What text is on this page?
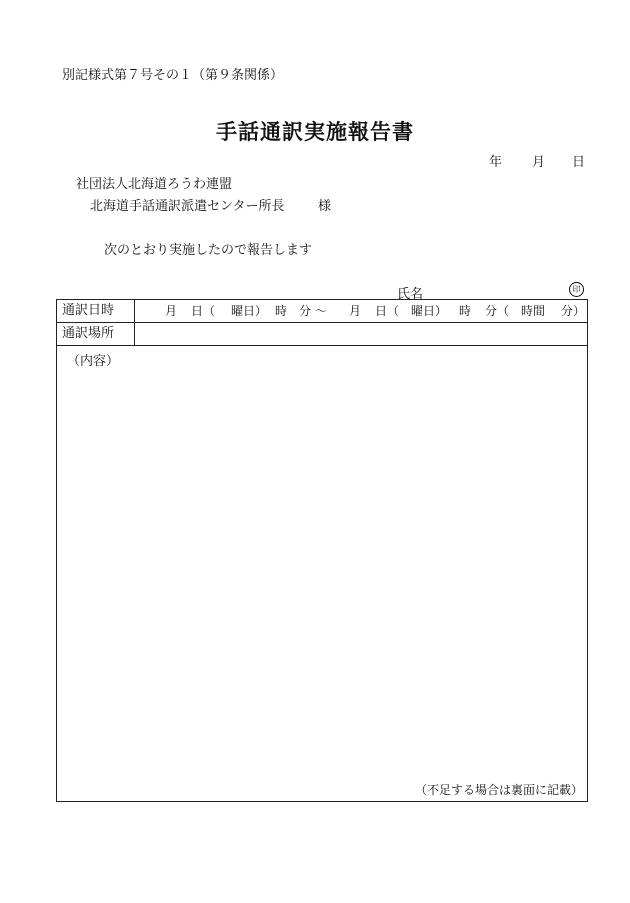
別記様式第７号その１（第９条関係）
手話通訳実施報告書
年 月 日
社団法人北海道ろうわ連盟
北海道手話通訳派遣センター所長	様
次のとおり実施したので報告します
氏名	印
通訳日時	月 日（ 曜日） 時 分 〜 月 日（ 曜日） 時 分（ 時間 分）
通訳場所
（内容）
（不足する場合は裏面に記載）
